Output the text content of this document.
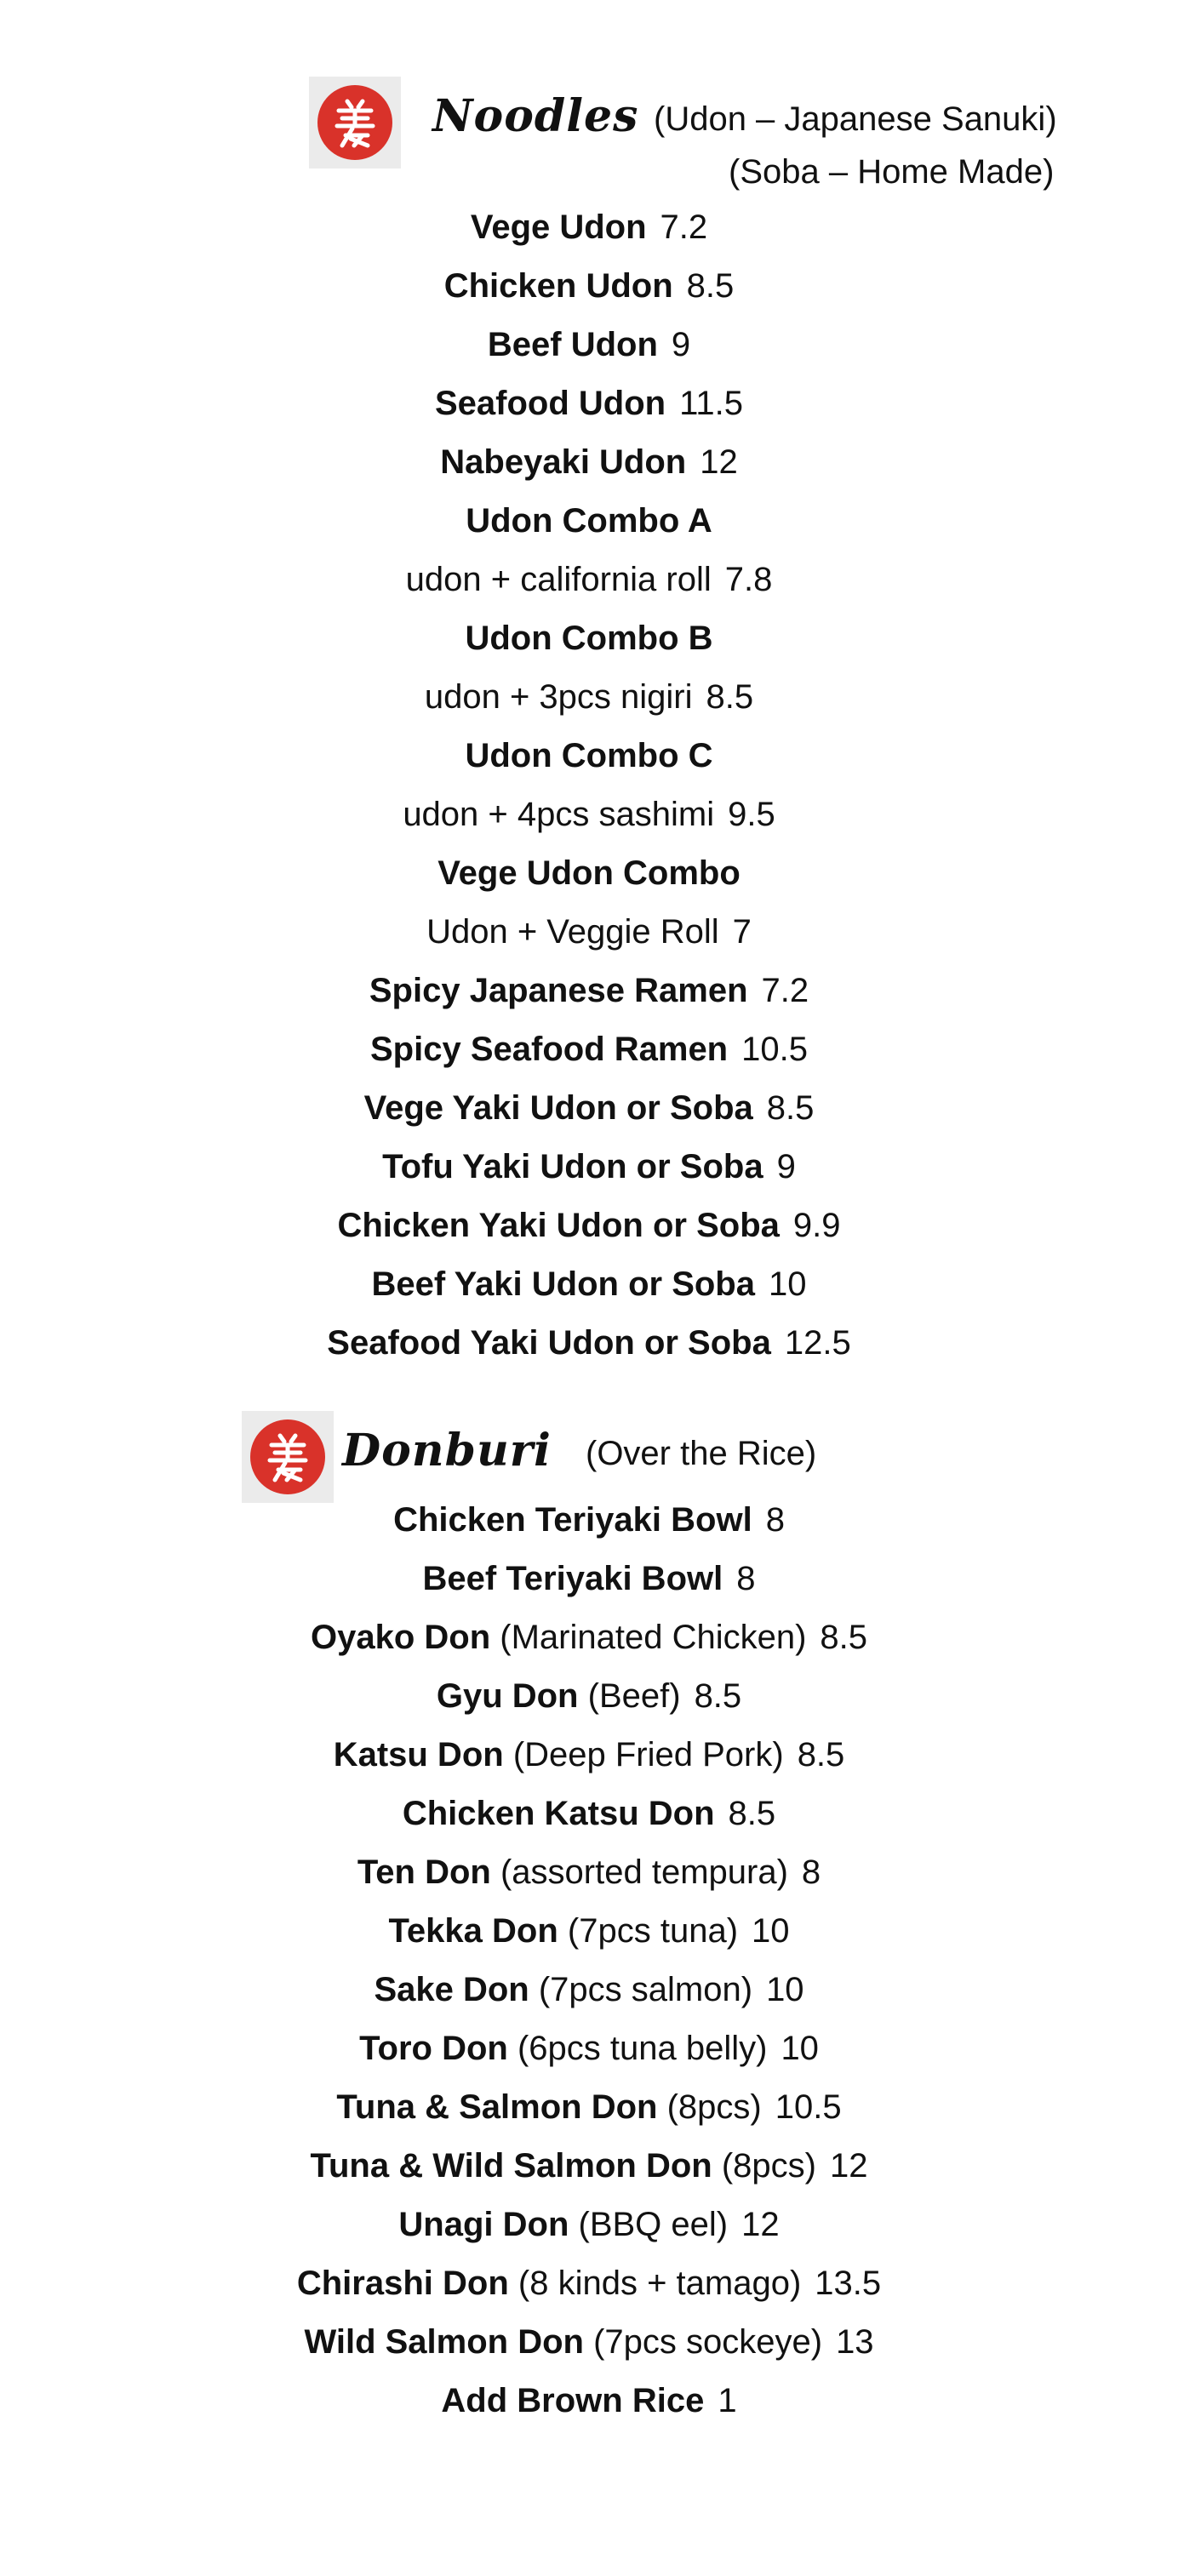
Noodles (Udon – Japanese Sanuki)
(Soba – Home Made)
Vege Udon 7.2
Chicken Udon 8.5
Beef Udon 9
Seafood Udon 11.5
Nabeyaki Udon 12
Udon Combo A
udon + california roll 7.8
Udon Combo B
udon + 3pcs nigiri 8.5
Udon Combo C
udon + 4pcs sashimi 9.5
Vege Udon Combo
Udon + Veggie Roll 7
Spicy Japanese Ramen 7.2
Spicy Seafood Ramen 10.5
Vege Yaki Udon or Soba 8.5
Tofu Yaki Udon or Soba 9
Chicken Yaki Udon or Soba 9.9
Beef Yaki Udon or Soba 10
Seafood Yaki Udon or Soba 12.5
Donburi (Over the Rice)
Chicken Teriyaki Bowl 8
Beef Teriyaki Bowl 8
Oyako Don (Marinated Chicken) 8.5
Gyu Don (Beef) 8.5
Katsu Don (Deep Fried Pork) 8.5
Chicken Katsu Don 8.5
Ten Don (assorted tempura) 8
Tekka Don (7pcs tuna) 10
Sake Don (7pcs salmon) 10
Toro Don (6pcs tuna belly) 10
Tuna & Salmon Don (8pcs) 10.5
Tuna & Wild Salmon Don (8pcs) 12
Unagi Don (BBQ eel) 12
Chirashi Don (8 kinds + tamago) 13.5
Wild Salmon Don (7pcs sockeye) 13
Add Brown Rice 1
